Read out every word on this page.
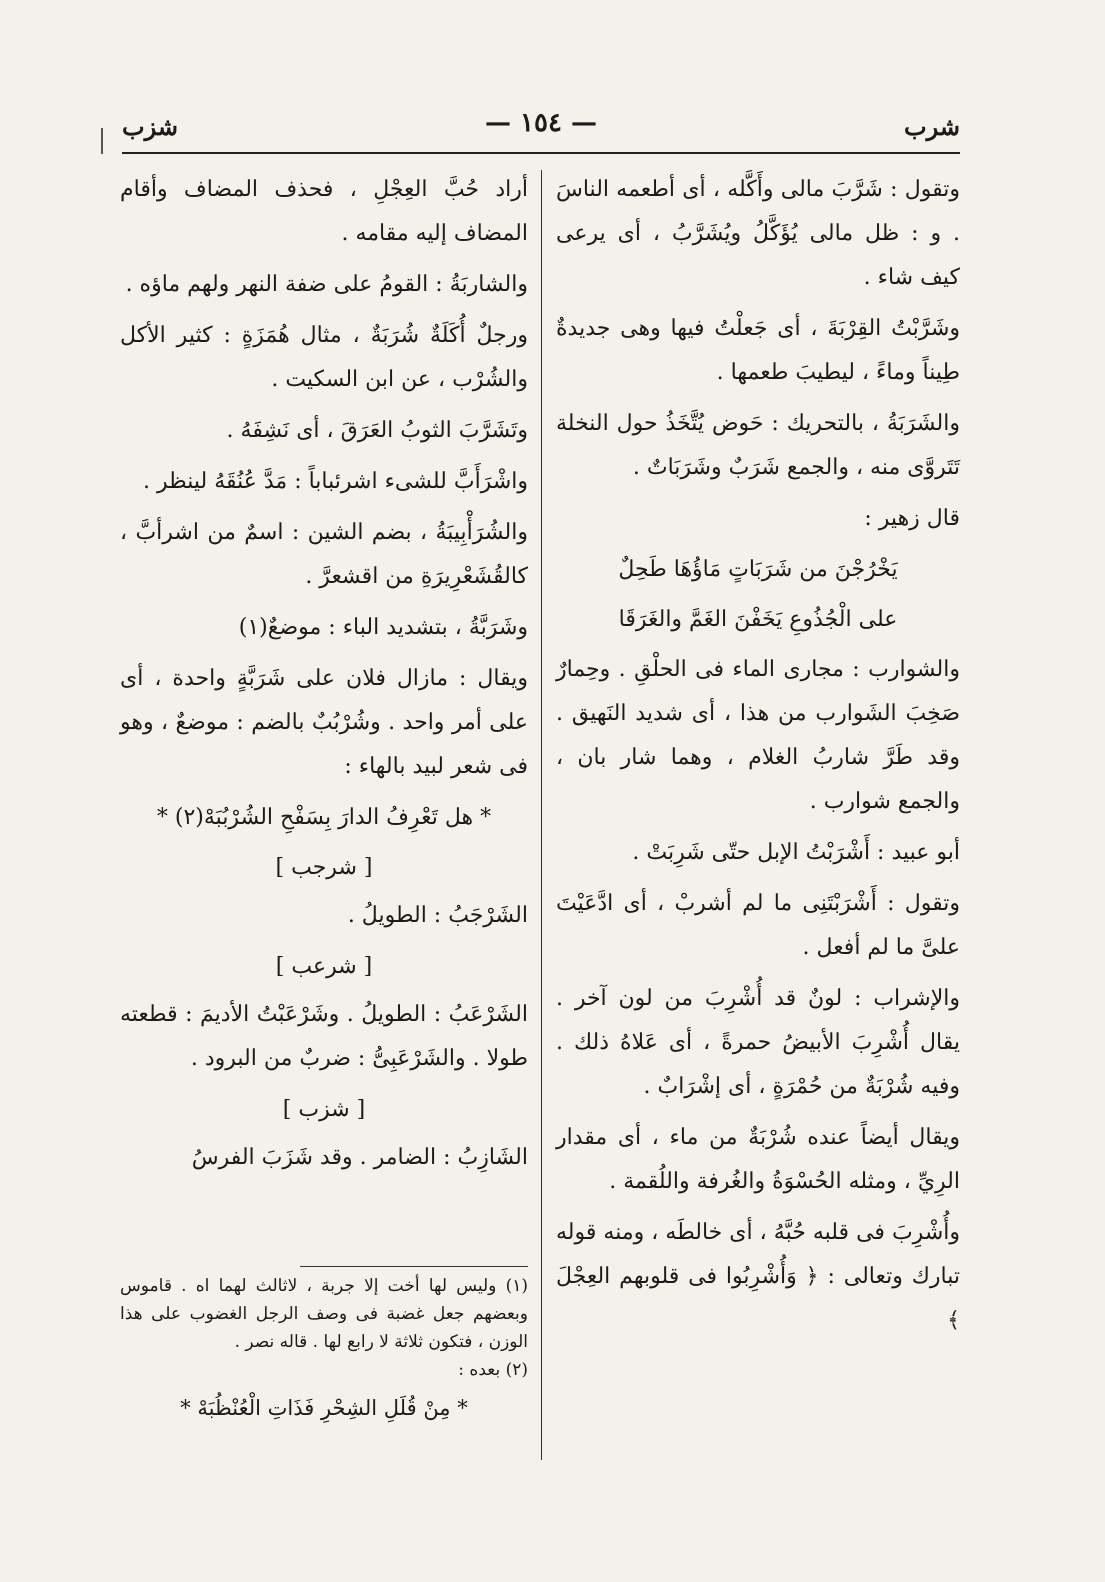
شرب
— ١٥٤ —
شزب

وتقول : شَرَّبَ مالى وأَكَّله ، أى أطعمه الناسَ . و : ظل مالى يُؤَكَّلُ ويُشَرَّبُ ، أى يرعى كيف شاء .

وشَرَّبْتُ القِرْبَةَ ، أى جَعلْتُ فيها وهى جديدةٌ طِيناً وماءً ، ليطيبَ طعمها .

والشَرَبَةُ ، بالتحريك : حَوض يُتَّخَذُ حول النخلة تَتَروَّى منه ، والجمع شَرَبٌ وشَرَبَاتٌ .

قال زهير :

يَخْرُجْنَ من شَرَبَاتٍ مَاؤُهَا طَحِلٌ

على الْجُذُوعِ يَخَفْنَ الغَمَّ والغَرَقَا

والشوارب : مجارى الماء فى الحلْقِ . وحِمارٌ صَخِبَ الشَوارب من هذا ، أى شديد النَهيق . وقد طَرَّ شاربُ الغلام ، وهما شار بان ، والجمع شوارب .

أبو عبيد : أَشْرَبْتُ الإبل حتّى شَرِبَتْ .

وتقول : أَشْرَبْتَنِى ما لم أشربْ ، أى ادَّعَيْتَ علىَّ ما لم أفعل .

والإشراب : لونٌ قد أُشْرِبَ من لون آخر . يقال أُشْرِبَ الأبيضُ حمرةً ، أى عَلاهُ ذلك . وفيه شُرْبَةٌ من حُمْرَةٍ ، أى إشْرَابٌ .

ويقال أيضاً عنده شُرْبَةٌ من ماء ، أى مقدار الرِيِّ ، ومثله الحُسْوَةُ والغُرفة واللُقمة .

وأُشْرِبَ فى قلبه حُبَّهُ ، أى خالطَه ، ومنه قوله تبارك وتعالى : ﴿ وَأُشْرِبُوا فى قلوبهم العِجْلَ ﴾

أراد حُبَّ العِجْلِ ، فحذف المضاف وأقام المضاف إليه مقامه .

والشاربَةُ : القومُ على ضفة النهر ولهم ماؤه .

ورجلٌ أُكَلَةٌ شُرَبَةٌ ، مثال هُمَزَةٍ : كثير الأكل والشُرْب ، عن ابن السكيت .

وتَشَرَّبَ الثوبُ العَرَقَ ، أى نَشِفَهُ .

واشْرَأَبَّ للشىء اشرئباباً : مَدَّ عُنُقَهُ لينظر .

والشُرَأْبِيبَةُ ، بضم الشين : اسمٌ من اشرأبَّ ، كالقُشَعْرِيرَةِ من اقشعرَّ .

وشَرَبَّةُ ، بتشديد الباء : موضعٌ(١)

ويقال : مازال فلان على شَرَبَّةٍ واحدة ، أى على أمر واحد . وشُرْبُبٌ بالضم : موضعٌ ، وهو فى شعر لبيد بالهاء :

* هل تَعْرِفُ الدارَ بِسَفْحِ الشُرْبُبَهْ(٢) *

[ شرجب ]

الشَرْجَبُ : الطويلُ .

[ شرعب ]

الشَرْعَبُ : الطويلُ . وشَرْعَبْتُ الأديمَ : قطعته طولا . والشَرْعَبِىُّ : ضربٌ من البرود .

[ شزب ]

الشَازِبُ : الضامر . وقد شَزَبَ الفرسُ

(١) وليس لها أخت إلا جربة ، لاثالث لهما اه . قاموس وبعضهم جعل غضبة فى وصف الرجل الغضوب على هذا الوزن ، فتكون ثلاثة لا رابع لها . قاله نصر .

(٢) بعده :

* مِنْ قُلَلِ الشِحْرِ فَذَاتِ الْعُنْظُبَهْ *
